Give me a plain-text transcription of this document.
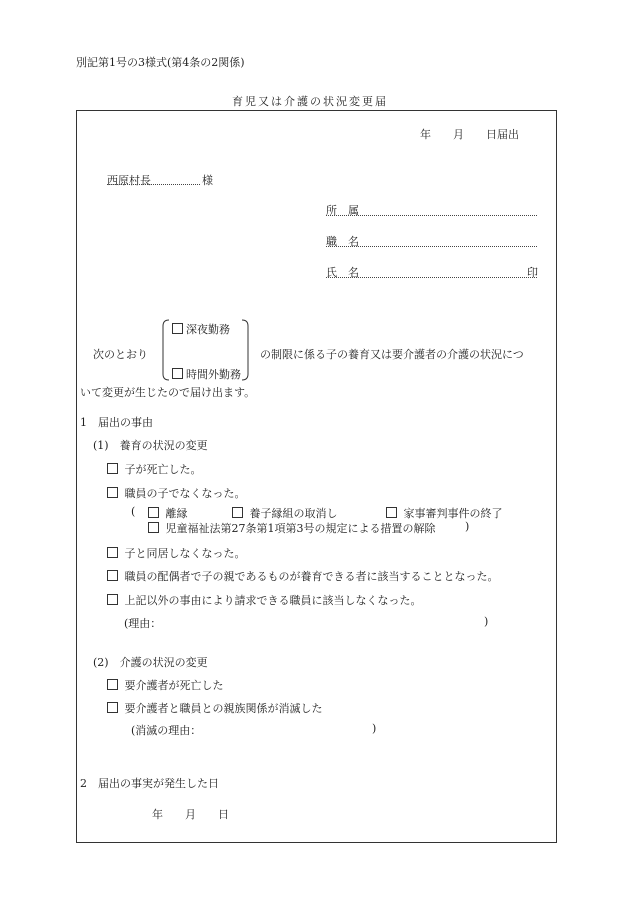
別記第1号の3様式(第4条の2関係)
育児又は介護の状況変更届
年　　月　　日届出
西原村長	様
所　属
職　名
氏　名	印
次のとおり
深夜勤務
時間外勤務
の制限に係る子の養育又は要介護者の介護の状況につ
いて変更が生じたので届け出ます。
1　届出の事由
(1)　養育の状況の変更
子が死亡した。
職員の子でなくなった。
(	離縁	養子縁組の取消し	家事審判事件の終了
児童福祉法第27条第1項第3号の規定による措置の解除	)
子と同居しなくなった。
職員の配偶者で子の親であるものが養育できる者に該当することとなった。
上記以外の事由により請求できる職員に該当しなくなった。
(理由：	)
(2)　介護の状況の変更
要介護者が死亡した
要介護者と職員との親族関係が消滅した
(消滅の理由：	)
2　届出の事実が発生した日
年　　月　　日
